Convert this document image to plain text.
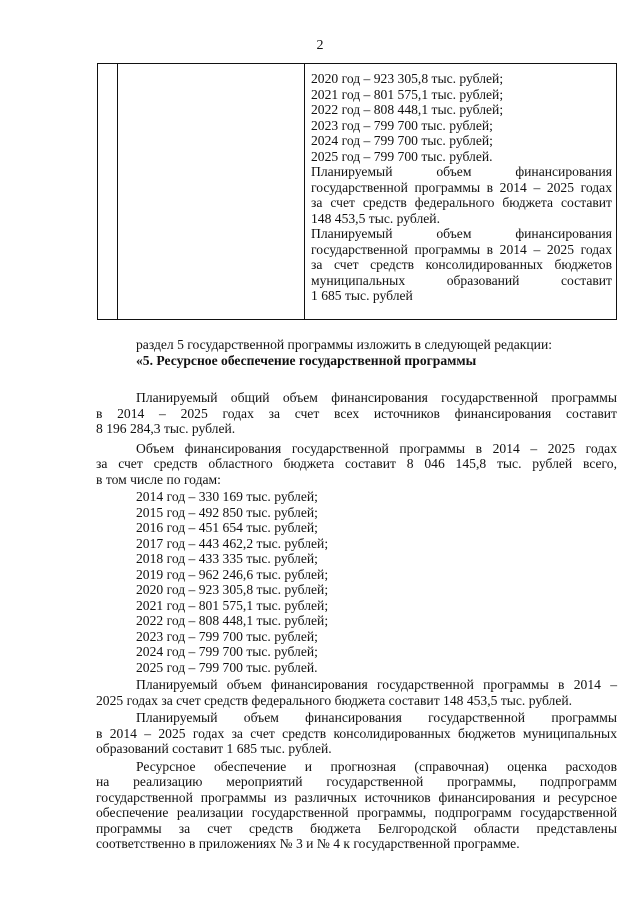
2

2020 год – 923 305,8 тыс. рублей;
2021 год – 801 575,1 тыс. рублей;
2022 год – 808 448,1 тыс. рублей;
2023 год – 799 700 тыс. рублей;
2024 год – 799 700 тыс. рублей;
2025 год – 799 700 тыс. рублей.
Планируемый объем финансирования
государственной программы в 2014 – 2025 годах
за счет средств федерального бюджета составит
148 453,5 тыс. рублей.
Планируемый объем финансирования
государственной программы в 2014 – 2025 годах
за счет средств консолидированных бюджетов
муниципальных образований составит
1 685 тыс. рублей
раздел 5 государственной программы изложить в следующей редакции:
«5. Ресурсное обеспечение государственной программы
Планируемый общий объем финансирования государственной программы
в 2014 – 2025 годах за счет всех источников финансирования составит
8 196 284,3 тыс. рублей.
Объем финансирования государственной программы в 2014 – 2025 годах
за счет средств областного бюджета составит 8 046 145,8 тыс. рублей всего,
в том числе по годам:
2014 год – 330 169 тыс. рублей;
2015 год – 492 850 тыс. рублей;
2016 год – 451 654 тыс. рублей;
2017 год – 443 462,2 тыс. рублей;
2018 год – 433 335 тыс. рублей;
2019 год – 962 246,6 тыс. рублей;
2020 год – 923 305,8 тыс. рублей;
2021 год – 801 575,1 тыс. рублей;
2022 год – 808 448,1 тыс. рублей;
2023 год – 799 700 тыс. рублей;
2024 год – 799 700 тыс. рублей;
2025 год – 799 700 тыс. рублей.
Планируемый объем финансирования государственной программы в 2014 –
2025 годах за счет средств федерального бюджета составит 148 453,5 тыс. рублей.
Планируемый объем финансирования государственной программы
в 2014 – 2025 годах за счет средств консолидированных бюджетов муниципальных
образований составит 1 685 тыс. рублей.
Ресурсное обеспечение и прогнозная (справочная) оценка расходов
на реализацию мероприятий государственной программы, подпрограмм
государственной программы из различных источников финансирования и ресурсное
обеспечение реализации государственной программы, подпрограмм государственной
программы за счет средств бюджета Белгородской области представлены
соответственно в приложениях № 3 и № 4 к государственной программе.
